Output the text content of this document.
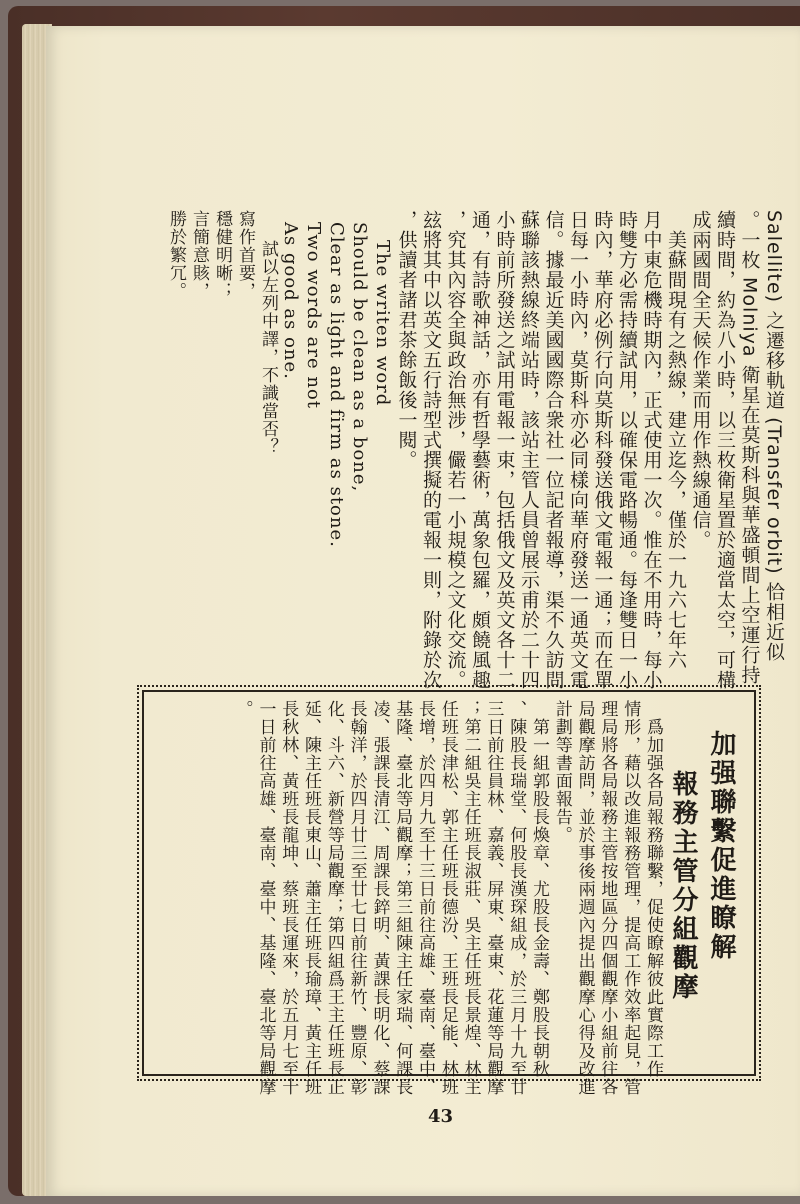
Salellite) 之遷移軌道 (Transfer orbit) 恰相近似
。一枚 Molniya 衛星在莫斯科與華盛頓間上空運行持
續時間，約為八小時，以三枚衛星置於適當太空，可構
成兩國間全天候作業而用作熱線通信。
美蘇間現有之熱線，建立迄今，僅於一九六七年六
月中東危機時期內，正式使用一次。惟在不用時，每小
時雙方必需持續試用，以確保電路暢通。每逢雙日一小
時內，華府必例行向莫斯科發送俄文電報一通；而在單
日每一小時內，莫斯科亦必同樣向華府發送一通英文電
信。據最近美國國際合衆社一位記者報導，渠不久訪問
蘇聯該熱線終端站時，該站主管人員曾展示甫於二十四
小時前所發送之試用電報一束，包括俄文及英文各十二
通，有詩歌神話，亦有哲學藝術，萬象包羅，頗饒風趣
，究其內容全與政治無涉，儼若一小規模之文化交流。
玆將其中以英文五行詩型式撰擬的電報一則，附錄於次
，供讀者諸君茶餘飯後一閱。
The writen word
Should be clean as a bone,
Clear as light and firm as stone.
Two words are not
As good as one.
試以左列中譯，不識當否？
寫作首要，
穩健明晰；
言簡意賅，
勝於繁冗。
加强聯繫促進瞭解
報務主管分組觀摩
爲加强各局報務聯繫，促使瞭解彼此實際工作
情形，藉以改進報務管理，提高工作效率起見，管
理局將各局報務主管按地區分四個觀摩小組前往各
局觀摩訪問，並於事後兩週內提出觀摩心得及改進
計劃等書面報告。
第一組郭股長煥章、尤股長金壽、鄭股長朝秋
、陳股長瑞堂、何股長漢琛組成，於三月十九至廿
三日前往員林、嘉義、屏東、臺東、花蓮等局觀摩
；第二組吳主任班長淑莊、吳主任班長景煌、林主
任班長津松、郭主任班長德汾、王班長足能、林班
長增，於四月九至十三日前往高雄、臺南、臺中、
基隆、臺北等局觀摩；第三組陳主任家瑞、何課長
凌、張課長清江、周課長錊明、黃課長明化、蔡課
長翰洋，於四月廿三至廿七日前往新竹、豐原、彰
化、斗六、新營等局觀摩；第四組爲王主任班長正
延、陳主任班長東山、蕭主任班長瑜璋、黃主任班
長秋林、黃班長龍坤、蔡班長運來，於五月七至十
一日前往高雄、臺南、臺中、基隆、臺北等局觀摩
。
43
